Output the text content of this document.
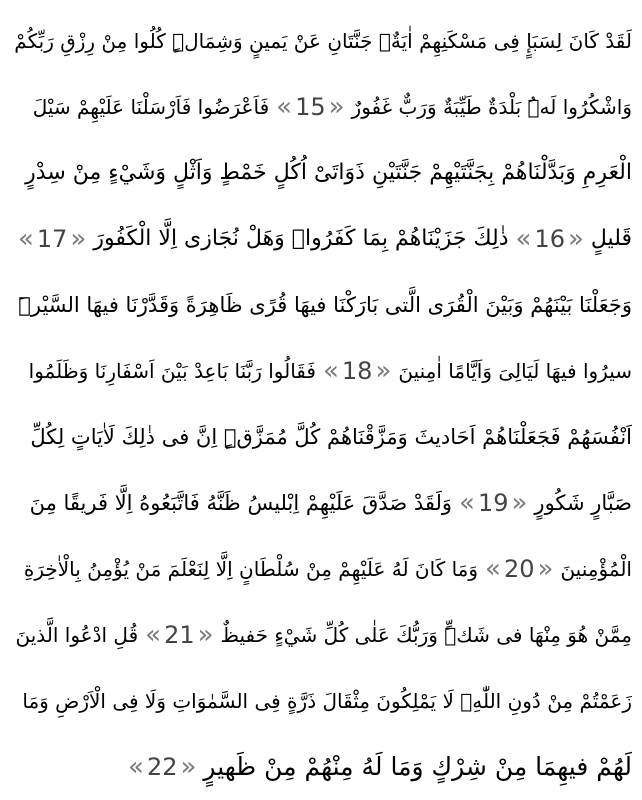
لَقَدْ كَانَ لِسَبَإٍ فِى مَسْكَنِهِمْ اٰيَةٌۚ جَنَّتَانِ عَنْ يَمينٍ وَشِمَالٍۜ كُلُوا مِنْ رِزْقِ رَبِّكُمْ
وَاشْكُرُوا لَهُۜ بَلْدَةٌ طَيِّبَةٌ وَرَبٌّ غَفُورٌ
« 15 »
فَاَعْرَضُوا فَاَرْسَلْنَا عَلَيْهِمْ سَيْلَ
الْعَرِمِ وَبَدَّلْنَاهُمْ بِجَنَّتَيْهِمْ جَنَّتَيْنِ ذَوَاتَىْ اُكُلٍ خَمْطٍ وَاَثْلٍ وَشَيْءٍ مِنْ سِدْرٍ
قَليلٍ
« 16 »
ذٰلِكَ جَزَيْنَاهُمْ بِمَا كَفَرُواۜ وَهَلْ نُجَازى اِلَّا الْكَفُورَ
« 17 »
وَجَعَلْنَا بَيْنَهُمْ وَبَيْنَ الْقُرَى الَّتى بَارَكْنَا فيهَا قُرًى ظَاهِرَةً وَقَدَّرْنَا فيهَا السَّيْرَۜ
سيرُوا فيهَا لَيَالِىَ وَاَيَّامًا اٰمِنينَ
« 18 »
فَقَالُوا رَبَّنَا بَاعِدْ بَيْنَ اَسْفَارِنَا وَظَلَمُوا
اَنْفُسَهُمْ فَجَعَلْنَاهُمْ اَحَاديثَ وَمَزَّقْنَاهُمْ كُلَّ مُمَزَّقٍۜ اِنَّ فى ذٰلِكَ لَاٰيَاتٍ لِكُلِّ
صَبَّارٍ شَكُورٍ
« 19 »
وَلَقَدْ صَدَّقَ عَلَيْهِمْ اِبْليسُ ظَنَّهُ فَاتَّبَعُوهُ اِلَّا فَريقًا مِنَ
الْمُؤْمِنينَ
« 20 »
وَمَا كَانَ لَهُ عَلَيْهِمْ مِنْ سُلْطَانٍ اِلَّا لِنَعْلَمَ مَنْ يُؤْمِنُ بِالْاٰخِرَةِ
مِمَّنْ هُوَ مِنْهَا فى شَكٍّۜ وَرَبُّكَ عَلٰى كُلِّ شَيْءٍ حَفيظٌ
« 21 »
قُلِ ادْعُوا الَّذينَ
زَعَمْتُمْ مِنْ دُونِ اللّٰهِۚ لَا يَمْلِكُونَ مِثْقَالَ ذَرَّةٍ فِى السَّمٰوَاتِ وَلَا فِى الْاَرْضِ وَمَا
لَهُمْ فيهِمَا مِنْ شِرْكٍ وَمَا لَهُ مِنْهُمْ مِنْ ظَهيرٍ
« 22 »
